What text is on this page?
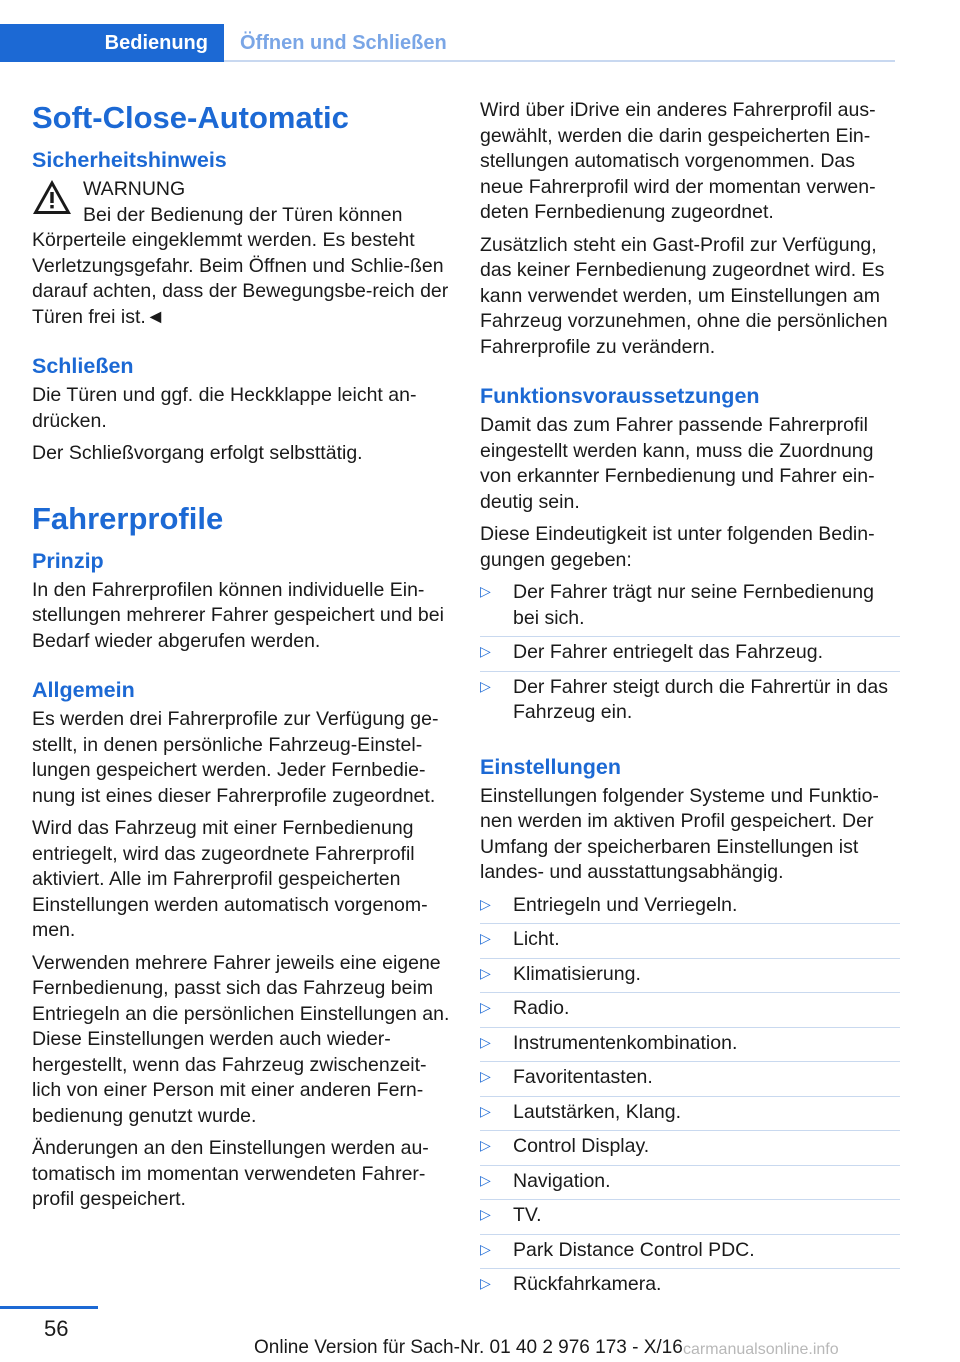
Bedienung Öffnen und Schließen
Soft-Close-Automatic
Sicherheitshinweis
WARNUNG
Bei der Bedienung der Türen können
Körperteile eingeklemmt werden. Es besteht Verletzungsgefahr. Beim Öffnen und Schlie-ßen darauf achten, dass der Bewegungsbe-reich der Türen frei ist.◄
Schließen

Die Türen und ggf. die Heckklappe leicht an-drücken.

Der Schließvorgang erfolgt selbsttätig.

Fahrerprofile
Prinzip

In den Fahrerprofilen können individuelle Ein-stellungen mehrerer Fahrer gespeichert und bei Bedarf wieder abgerufen werden.

Allgemein

Es werden drei Fahrerprofile zur Verfügung ge-stellt, in denen persönliche Fahrzeug-Einstel-lungen gespeichert werden. Jeder Fernbedie-nung ist eines dieser Fahrerprofile zugeordnet.

Wird das Fahrzeug mit einer Fernbedienung entriegelt, wird das zugeordnete Fahrerprofil aktiviert. Alle im Fahrerprofil gespeicherten Einstellungen werden automatisch vorgenom-men.

Verwenden mehrere Fahrer jeweils eine eigene Fernbedienung, passt sich das Fahrzeug beim Entriegeln an die persönlichen Einstellungen an. Diese Einstellungen werden auch wieder-hergestellt, wenn das Fahrzeug zwischenzeit-lich von einer Person mit einer anderen Fern-bedienung genutzt wurde.

Änderungen an den Einstellungen werden au-tomatisch im momentan verwendeten Fahrer-profil gespeichert.

Wird über iDrive ein anderes Fahrerprofil aus-gewählt, werden die darin gespeicherten Ein-stellungen automatisch vorgenommen. Das neue Fahrerprofil wird der momentan verwen-deten Fernbedienung zugeordnet.

Zusätzlich steht ein Gast-Profil zur Verfügung, das keiner Fernbedienung zugeordnet wird. Es kann verwendet werden, um Einstellungen am Fahrzeug vorzunehmen, ohne die persönlichen Fahrerprofile zu verändern.

Funktionsvoraussetzungen

Damit das zum Fahrer passende Fahrerprofil eingestellt werden kann, muss die Zuordnung von erkannter Fernbedienung und Fahrer ein-deutig sein.

Diese Eindeutigkeit ist unter folgenden Bedin-gungen gegeben:

▷ Der Fahrer trägt nur seine Fernbedienung bei sich.
▷ Der Fahrer entriegelt das Fahrzeug.
▷ Der Fahrer steigt durch die Fahrertür in das Fahrzeug ein.
Einstellungen

Einstellungen folgender Systeme und Funktio-nen werden im aktiven Profil gespeichert. Der Umfang der speicherbaren Einstellungen ist landes- und ausstattungsabhängig.

▷ Entriegeln und Verriegeln.
▷ Licht.
▷ Klimatisierung.
▷ Radio.
▷ Instrumentenkombination.
▷ Favoritentasten.
▷ Lautstärken, Klang.
▷ Control Display.
▷ Navigation.
▷ TV.
▷ Park Distance Control PDC.
▷ Rückfahrkamera.
56
Online Version für Sach-Nr. 01 40 2 976 173 - X/16 carmanualsonline.info
